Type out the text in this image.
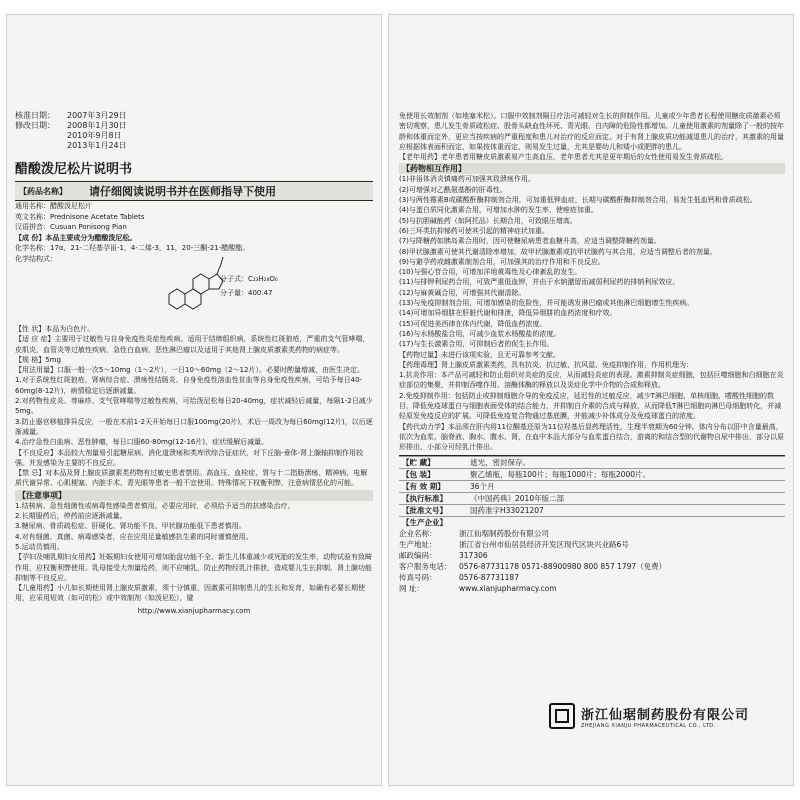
核准日期：	2007年3月29日
修改日期：	2008年1月30日
2010年9月8日
2013年1月24日
醋酸泼尼松片说明书
【药品名称】	请仔细阅读说明书并在医师指导下使用
通用名称：醋酸泼尼松片
英文名称：Prednisone Acetate Tablets
汉语拼音：Cusuan Ponisong Pian
【成 份】本品主要成分为醋酸泼尼松。
化学名称：17α，21-二羟基孕甾-1，4-二烯-3，11，20-三酮-21-醋酸酯。
化学结构式：
分子式：C₂₃H₂₈O₆
分子量：400.47
【性 状】本品为白色片。
【适 应 症】主要用于过敏性与自身免疫性炎症性疾病。适用于结缔组织病，系统性红斑狼疮，严重的支气管哮喘，皮肌炎，血管炎等过敏性疾病，急性白血病，恶性淋巴瘤以及适用于其他肾上腺皮质激素类药物的病症等。
【规 格】5mg
【用法用量】口服一般一次5～10mg（1～2片），一日10～60mg（2～12片）。必要时酌量增减，由医生决定。
1.对于系统性红斑狼疮、肾病综合症、溃疡性结肠炎、自身免疫性溶血性贫血等自身免疫性疾病，可给予每日40-60mg(8-12片)，病情稳定后逐渐减量。
2.对药物性皮炎、荨麻疹、支气管哮喘等过敏性疾病，可给泼尼松每日20-40mg，症状减轻后减量，每隔1-2日减少5mg。
3.防止器官移植排异反应，一般在术前1-2天开始每日口服100mg(20片)，术后一周改为每日60mg(12片)，以后逐渐减量。
4.治疗急性白血病、恶性肿瘤，每日口服60-80mg(12-16片)，症状缓解后减量。
【不良反应】本品较大剂量易引起糖尿病、消化道溃疡和类库欣综合征症状，对下丘脑-垂体-肾上腺轴抑制作用较强。并发感染为主要的不良反应。
【禁 忌】对本品及肾上腺皮质激素类药物有过敏史患者禁用。高血压、血栓症、胃与十二指肠溃疡、精神病、电解质代谢异常、心肌梗塞、内脏手术、青光眼等患者一般不宜使用。特殊情况下权衡利弊，注意病情恶化的可能。
【注意事项】
1.结核病、急性细菌性或病毒性感染患者慎用。必要应用时，必须给予适当的抗感染治疗。
2.长期服药后，停药前应逐渐减量。
3.糖尿病、骨质疏松症、肝硬化、肾功能不良、甲状腺功能低下患者慎用。
4.对有细菌、真菌、病毒感染者，应在应用足量敏感抗生素的同时谨慎使用。
5.运动员慎用。
【孕妇及哺乳期妇女用药】妊娠期妇女使用可增加胎盘功能不全、新生儿体重减少或死胎的发生率，动物试验有致畸作用，应权衡利弊使用。乳母接受大剂量给药，则不应哺乳，防止药物经乳汁排泄，造成婴儿生长抑制、肾上腺功能抑制等不良反应。
【儿童用药】小儿如长期使用肾上腺皮质激素，须十分慎重，因激素可抑制患儿的生长和发育，如确有必要长期使用，应采用短效（如可的松）或中效制剂（如泼尼松），避
http://www.xianjupharmacy.com
免使用长效制剂（如地塞米松）。口服中效制剂隔日疗法可减轻对生长的抑制作用。儿童或少年患者长程使用糖皮质激素必须密切观察，患儿发生骨质疏松症、股骨头缺血性坏死、青光眼、白内障的危险性都增加。儿童使用激素的剂量除了一般的按年龄和体重而定外，更应当按疾病的严重程度和患儿对治疗的反应而定。对于有肾上腺皮质功能减退患儿的治疗，其激素的用量应根据体表面积而定，如果按体重而定，则易发生过量，尤其是婴幼儿和矮小或肥胖的患儿。
【老年用药】老年患者用糖皮质激素易产生高血压，老年患者尤其是更年期后的女性使用易发生骨质疏松。
【药物相互作用】
(1)非甾体消炎镇痛药可加强其致溃疡作用。
(2)可增强对乙酰氨基酚的肝毒性。
(3)与两性霉素B或碳酸酐酶抑制剂合用，可加重低钾血症，长期与碳酸酐酶抑制剂合用，易发生低血钙和骨质疏松。
(4)与蛋白质同化激素合用，可增加水肿的发生率，使痤疮加重。
(5)与抗胆碱能药（如阿托品）长期合用，可致眼压增高。
(6)三环类抗抑郁药可使其引起的精神症状加重。
(7)与降糖药如胰岛素合用时，因可使糖尿病患者血糖升高，应适当调整降糖药剂量。
(8)甲状腺激素可使其代谢清除率增加，故甲状腺激素或抗甲状腺药与其合用，应适当调整后者的剂量。
(9)与避孕药或雌激素制剂合用，可加强其的治疗作用和不良反应。
(10)与强心苷合用，可增加洋地黄毒性及心律紊乱的发生。
(11)与排钾利尿药合用，可致严重低血钾，并由于水钠潴留而减弱利尿药的排钠利尿效应。
(12)与麻黄碱合用，可增强其代谢清除。
(13)与免疫抑制剂合用，可增加感染的危险性，并可能诱发淋巴瘤或其他淋巴细胞增生性疾病。
(14)可增加异烟肼在肝脏代谢和排泄，降低异烟肼的血药浓度和疗效。
(15)可促进美西律在体内代谢，降低血药浓度。
(16)与水杨酸盐合用，可减少血浆水杨酸盐的浓度。
(17)与生长激素合用，可抑制后者的促生长作用。
【药物过量】未进行该项实验，且无可靠参考文献。
【药理毒理】肾上腺皮质激素类药，具有抗炎、抗过敏、抗风湿、免疫抑制作用，作用机理为：
1.抗炎作用：本产品可减轻和防止组织对炎症的反应，从而减轻炎症的表现。激素抑制炎症细胞，包括巨噬细胞和白细胞在炎症部位的集聚，并抑制吞噬作用、溶酶体酶的释放以及炎症化学中介物的合成和释放。
2.免疫抑制作用：包括防止或抑制细胞介导的免疫反应，延迟性的过敏反应，减少T淋巴细胞、单核细胞、嗜酸性细胞的数目，降低免疫球蛋白与细胞表面受体的结合能力，并抑制白介素的合成与释放，从而降低T淋巴细胞向淋巴母细胞转化，并减轻原发免疫反应的扩展。可降低免疫复合物通过基底膜，并能减少补体成分及免疫球蛋白的浓度。
【药代动力学】本品须在肝内将11位酮基还原为11位羟基后显药理活性，生理半衰期为60分钟。体内分布以肝中含量最高，依次为血浆、脑脊液、胸水、腹水、肾，在血中本品大部分与血浆蛋白结合，游离的和结合型的代谢物自尿中排出，部分以原形排出，小部分可经乳汁排出。
【贮 藏】	遮光，密封保存。
【包 装】	聚乙烯瓶，每瓶100片；每瓶1000片；每瓶2000片。
【有 效 期】	36个月
【执行标准】	《中国药典》2010年版二部
【批准文号】	国药准字H33021207
【生产企业】
企业名称：	浙江仙琚制药股份有限公司
生产地址：	浙江省台州市仙居县经济开发区现代区块兴业路6号
邮政编码：	317306
客户服务电话：	0576-87731178 0571-88900980 800 857 1797（免费）
传真号码：	0576-87731187
网 址：	www.xianjupharmacy.com
浙江仙琚制药股份有限公司
ZHEJIANG XIANJU PHARMACEUTICAL CO., LTD.
